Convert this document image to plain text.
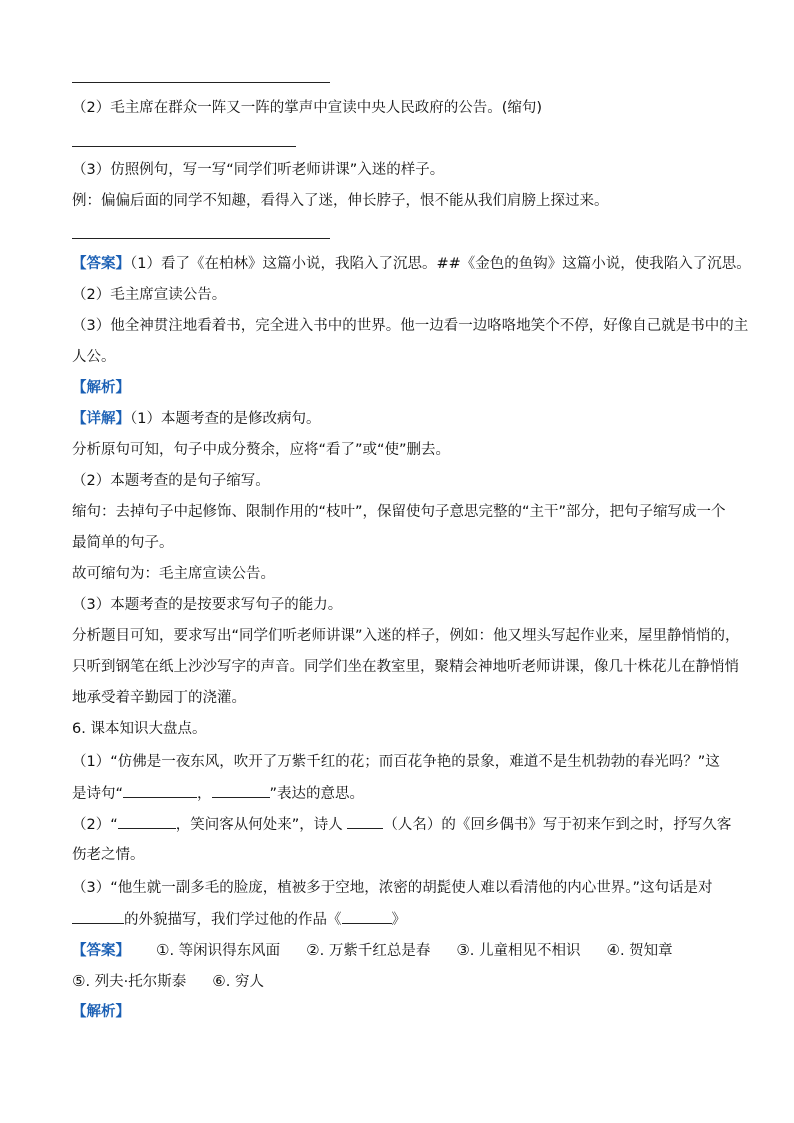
（2）毛主席在群众一阵又一阵的掌声中宣读中央人民政府的公告。(缩句)
（3）仿照例句，写一写“同学们听老师讲课”入迷的样子。
例：偏偏后面的同学不知趣，看得入了迷，伸长脖子，恨不能从我们肩膀上探过来。
【答案】（1）看了《在柏林》这篇小说，我陷入了沉思。##《金色的鱼钩》这篇小说，使我陷入了沉思。
（2）毛主席宣读公告。
（3）他全神贯注地看着书，完全进入书中的世界。他一边看一边咯咯地笑个不停，好像自己就是书中的主
人公。
【解析】
【详解】（1）本题考查的是修改病句。
分析原句可知，句子中成分赘余，应将“看了”或“使”删去。
（2）本题考查的是句子缩写。
缩句：去掉句子中起修饰、限制作用的“枝叶”，保留使句子意思完整的“主干”部分，把句子缩写成一个
最简单的句子。
故可缩句为：毛主席宣读公告。
（3）本题考查的是按要求写句子的能力。
分析题目可知，要求写出“同学们听老师讲课”入迷的样子，例如：他又埋头写起作业来，屋里静悄悄的，
只听到钢笔在纸上沙沙写字的声音。同学们坐在教室里，聚精会神地听老师讲课，像几十株花儿在静悄悄
地承受着辛勤园丁的浇灌。
6. 课本知识大盘点。
（1）“仿佛是一夜东风，吹开了万紫千红的花；而百花争艳的景象，难道不是生机勃勃的春光吗？”这
是诗句“	，	”表达的意思。
（2）“	，笑问客从何处来”，诗人 （人名）的《回乡偶书》写于初来乍到之时，抒写久客
伤老之情。
（3）“他生就一副多毛的脸庞，植被多于空地，浓密的胡髭使人难以看清他的内心世界。”这句话是对
的外貌描写，我们学过他的作品《	》
【答案】 ①. 等闲识得东风面 ②. 万紫千红总是春 ③. 儿童相见不相识 ④. 贺知章
⑤. 列夫·托尔斯泰 ⑥. 穷人
【解析】
